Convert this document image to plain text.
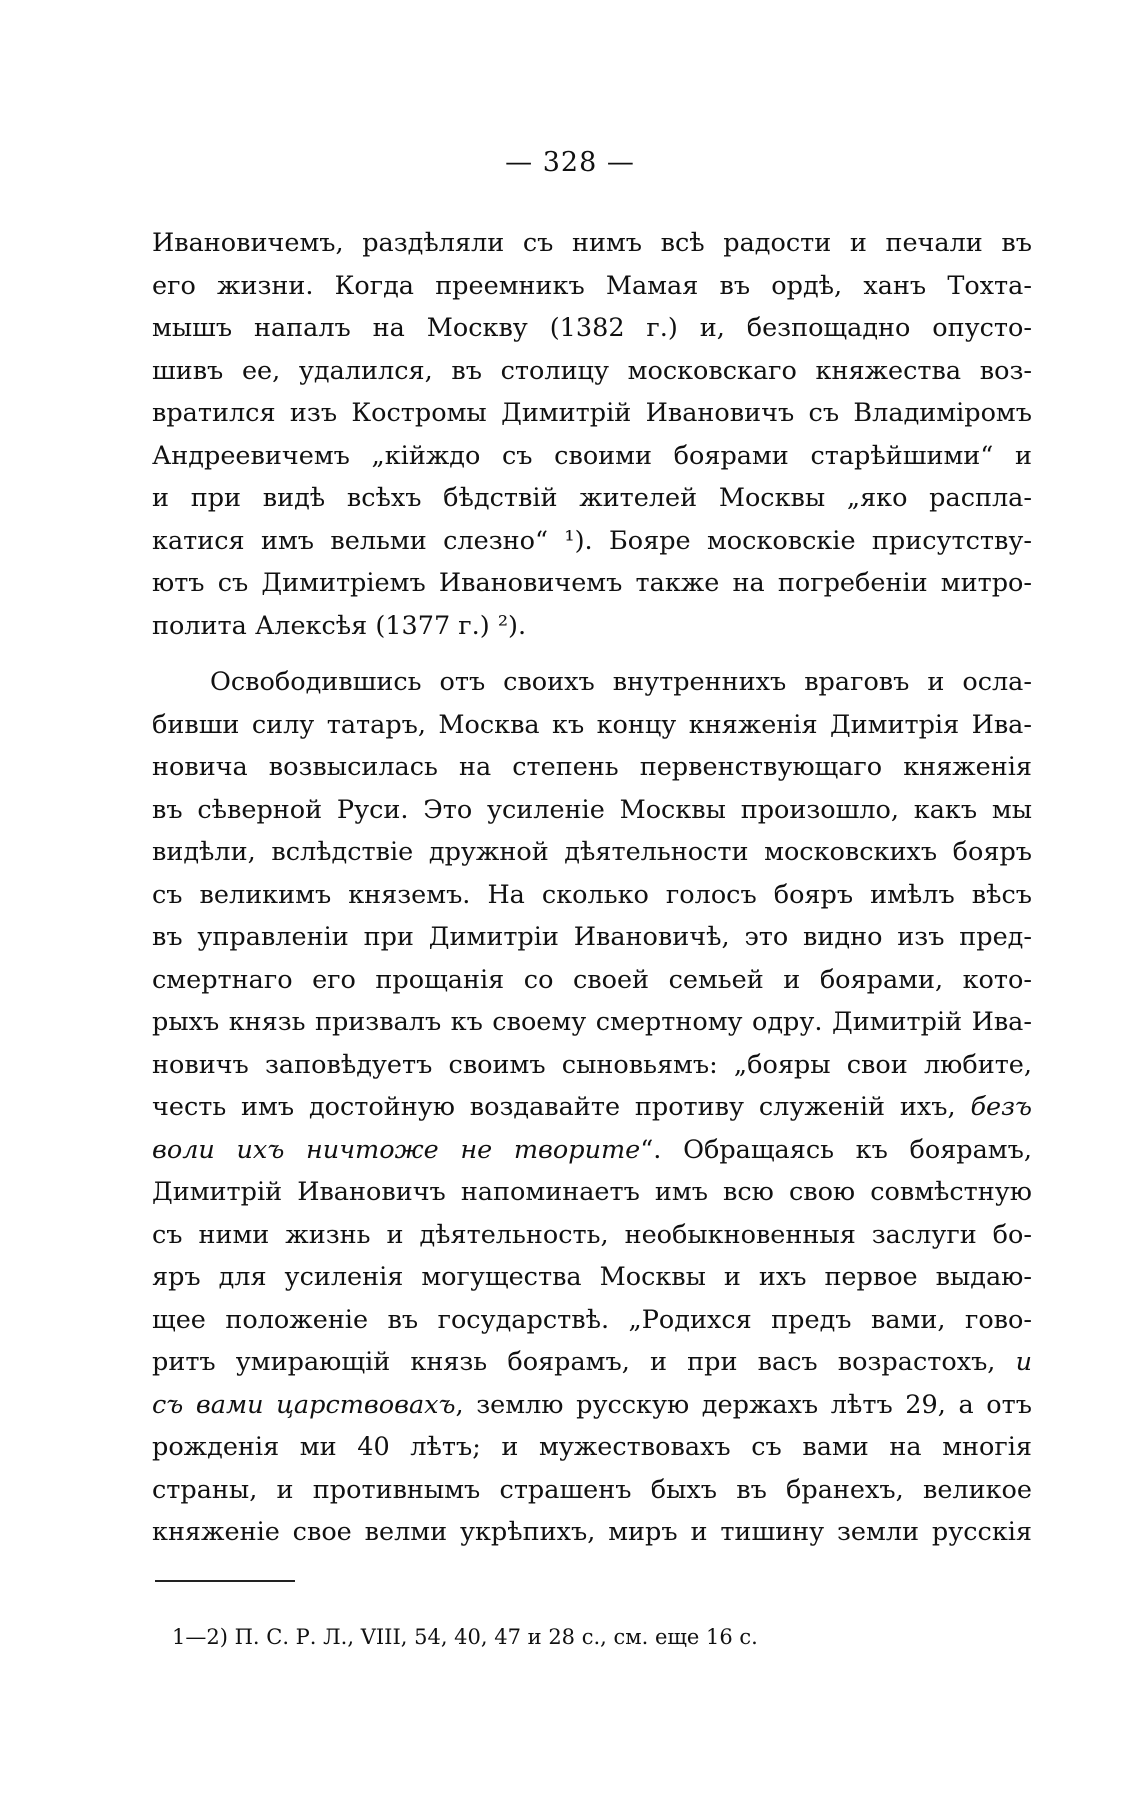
— 328 —
Ивановичемъ, раздѣляли съ нимъ всѣ радости и печали въ
его жизни. Когда преемникъ Мамая въ ордѣ, ханъ Тохта-
мышъ напалъ на Москву (1382 г.) и, безпощадно опусто-
шивъ ее, удалился, въ столицу московскаго княжества воз-
вратился изъ Костромы Димитрій Ивановичъ съ Владиміромъ
Андреевичемъ „кійждо съ своими боярами старѣйшими“ и
и при видѣ всѣхъ бѣдствій жителей Москвы „яко распла-
катися имъ вельми слезно“ ¹). Бояре московскіе присутству-
ютъ съ Димитріемъ Ивановичемъ также на погребеніи митро-
полита Алексѣя (1377 г.) ²).
Освободившись отъ своихъ внутреннихъ враговъ и осла-
бивши силу татаръ, Москва къ концу княженія Димитрія Ива-
новича возвысилась на степень первенствующаго княженія
въ сѣверной Руси. Это усиленіе Москвы произошло, какъ мы
видѣли, вслѣдствіе дружной дѣятельности московскихъ бояръ
съ великимъ княземъ. На сколько голосъ бояръ имѣлъ вѣсъ
въ управленіи при Димитріи Ивановичѣ, это видно изъ пред-
смертнаго его прощанія со своей семьей и боярами, кото-
рыхъ князь призвалъ къ своему смертному одру. Димитрій Ива-
новичъ заповѣдуетъ своимъ сыновьямъ: „бояры свои любите,
честь имъ достойную воздавайте противу служеній ихъ, безъ
воли ихъ ничтоже не творите“. Обращаясь къ боярамъ,
Димитрій Ивановичъ напоминаетъ имъ всю свою совмѣстную
съ ними жизнь и дѣятельность, необыкновенныя заслуги бо-
яръ для усиленія могущества Москвы и ихъ первое выдаю-
щее положеніе въ государствѣ. „Родихся предъ вами, гово-
ритъ умирающій князь боярамъ, и при васъ возрастохъ, и
съ вами царствовахъ, землю русскую держахъ лѣтъ 29, а отъ
рожденія ми 40 лѣтъ; и мужествовахъ съ вами на многія
страны, и противнымъ страшенъ быхъ въ бранехъ, великое
княженіе свое велми укрѣпихъ, миръ и тишину земли русскія
1—2) П. С. Р. Л., VIII, 54, 40, 47 и 28 с., см. еще 16 с.
